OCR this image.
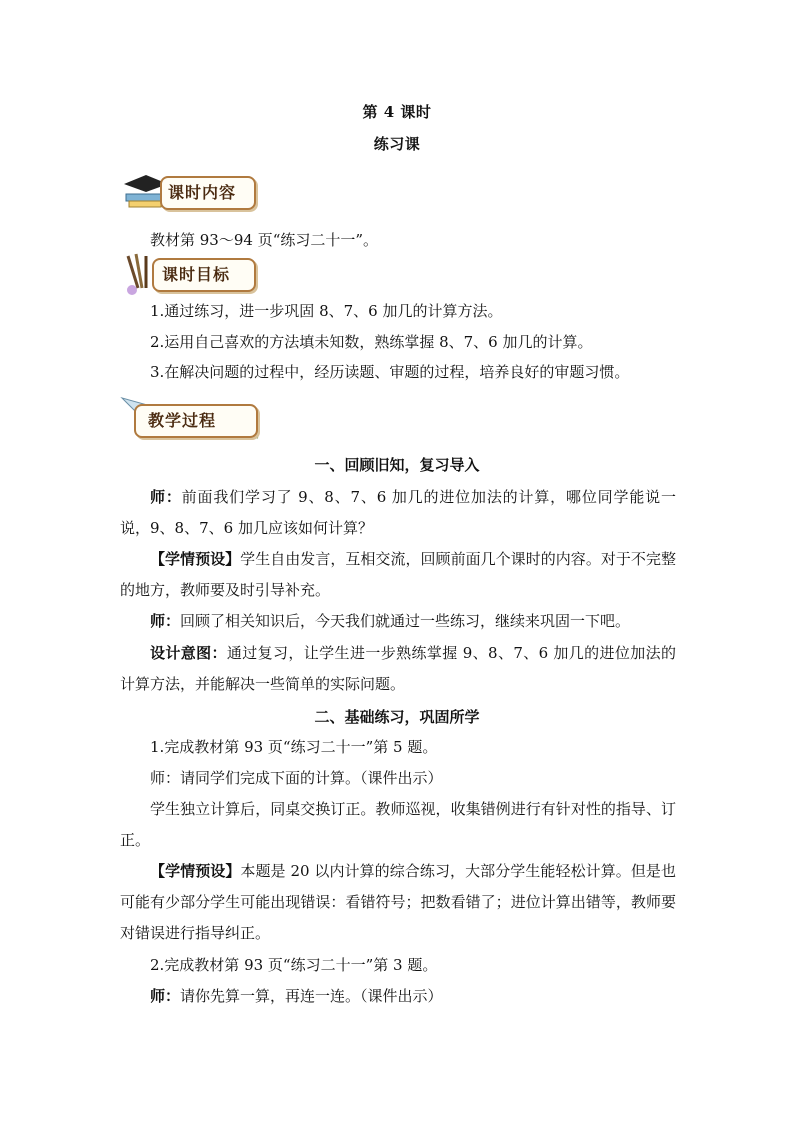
第 4 课时
练习课
课时内容
教材第 93～94 页“练习二十一”。
课时目标
1.通过练习，进一步巩固 8、7、6 加几的计算方法。
2.运用自己喜欢的方法填未知数，熟练掌握 8、7、6 加几的计算。
3.在解决问题的过程中，经历读题、审题的过程，培养良好的审题习惯。
教学过程
一、回顾旧知，复习导入
师：前面我们学习了 9、8、7、6 加几的进位加法的计算，哪位同学能说一说，9、8、7、6 加几应该如何计算？
【学情预设】学生自由发言，互相交流，回顾前面几个课时的内容。对于不完整的地方，教师要及时引导补充。
师：回顾了相关知识后，今天我们就通过一些练习，继续来巩固一下吧。
设计意图：通过复习，让学生进一步熟练掌握 9、8、7、6 加几的进位加法的计算方法，并能解决一些简单的实际问题。
二、基础练习，巩固所学
1.完成教材第 93 页“练习二十一”第 5 题。
师：请同学们完成下面的计算。（课件出示）
学生独立计算后，同桌交换订正。教师巡视，收集错例进行有针对性的指导、订正。
【学情预设】本题是 20 以内计算的综合练习，大部分学生能轻松计算。但是也可能有少部分学生可能出现错误：看错符号；把数看错了；进位计算出错等，教师要对错误进行指导纠正。
2.完成教材第 93 页“练习二十一”第 3 题。
师：请你先算一算，再连一连。（课件出示）
